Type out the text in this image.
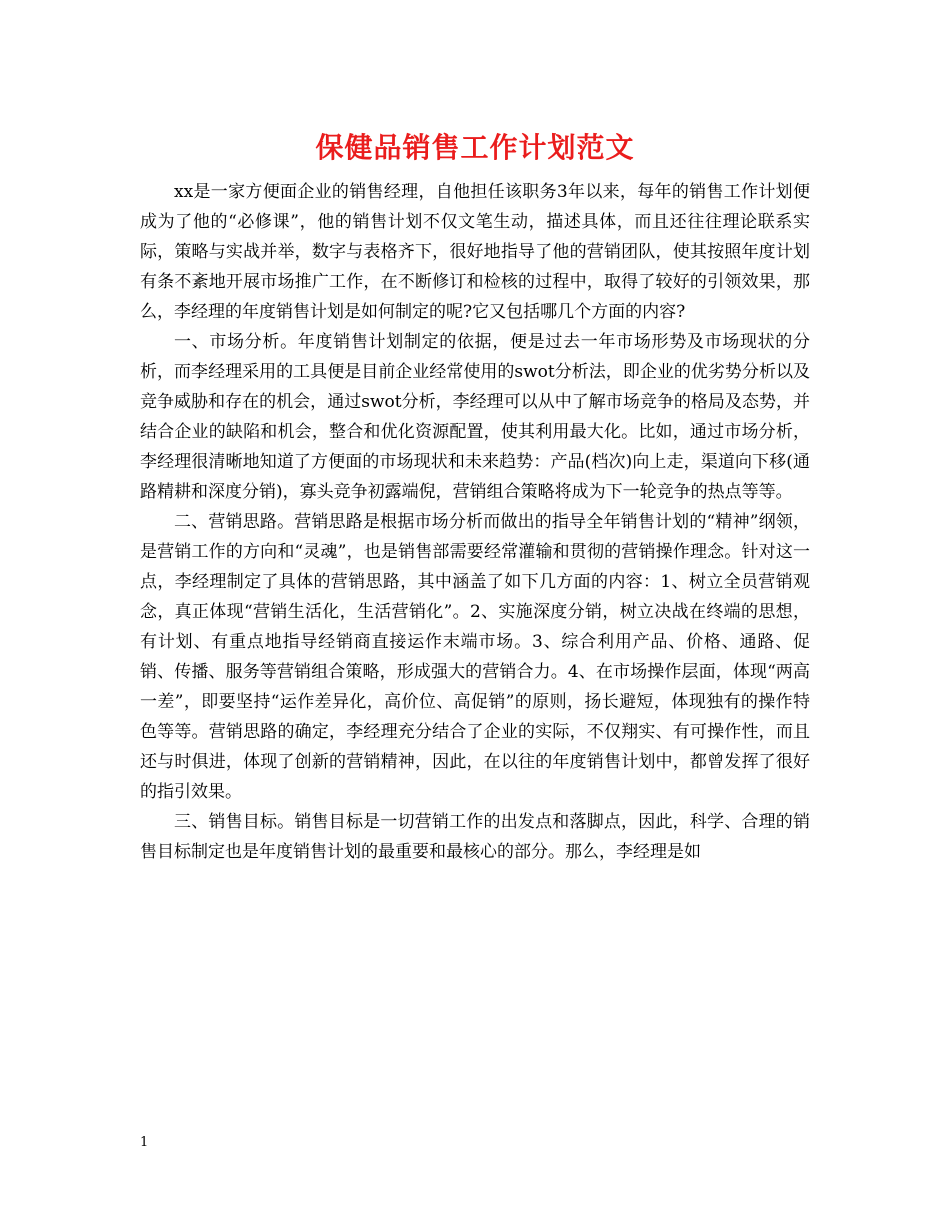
保健品销售工作计划范文

xx是一家方便面企业的销售经理，自他担任该职务3年以来，每年的销售工作计划便成为了他的“必修课”，他的销售计划不仅文笔生动，描述具体，而且还往往理论联系实际，策略与实战并举，数字与表格齐下，很好地指导了他的营销团队，使其按照年度计划有条不紊地开展市场推广工作，在不断修订和检核的过程中，取得了较好的引领效果，那么，李经理的年度销售计划是如何制定的呢?它又包括哪几个方面的内容?

一、市场分析。年度销售计划制定的依据，便是过去一年市场形势及市场现状的分析，而李经理采用的工具便是目前企业经常使用的swot分析法，即企业的优劣势分析以及竞争威胁和存在的机会，通过swot分析，李经理可以从中了解市场竞争的格局及态势，并结合企业的缺陷和机会，整合和优化资源配置，使其利用最大化。比如，通过市场分析，李经理很清晰地知道了方便面的市场现状和未来趋势：产品(档次)向上走，渠道向下移(通路精耕和深度分销)，寡头竞争初露端倪，营销组合策略将成为下一轮竞争的热点等等。

二、营销思路。营销思路是根据市场分析而做出的指导全年销售计划的“精神”纲领，是营销工作的方向和“灵魂”，也是销售部需要经常灌输和贯彻的营销操作理念。针对这一点，李经理制定了具体的营销思路，其中涵盖了如下几方面的内容：1、树立全员营销观念，真正体现“营销生活化，生活营销化”。2、实施深度分销，树立决战在终端的思想，有计划、有重点地指导经销商直接运作末端市场。3、综合利用产品、价格、通路、促销、传播、服务等营销组合策略，形成强大的营销合力。4、在市场操作层面，体现“两高一差”，即要坚持“运作差异化，高价位、高促销”的原则，扬长避短，体现独有的操作特色等等。营销思路的确定，李经理充分结合了企业的实际，不仅翔实、有可操作性，而且还与时俱进，体现了创新的营销精神，因此，在以往的年度销售计划中，都曾发挥了很好的指引效果。

三、销售目标。销售目标是一切营销工作的出发点和落脚点，因此，科学、合理的销售目标制定也是年度销售计划的最重要和最核心的部分。那么，李经理是如

1
